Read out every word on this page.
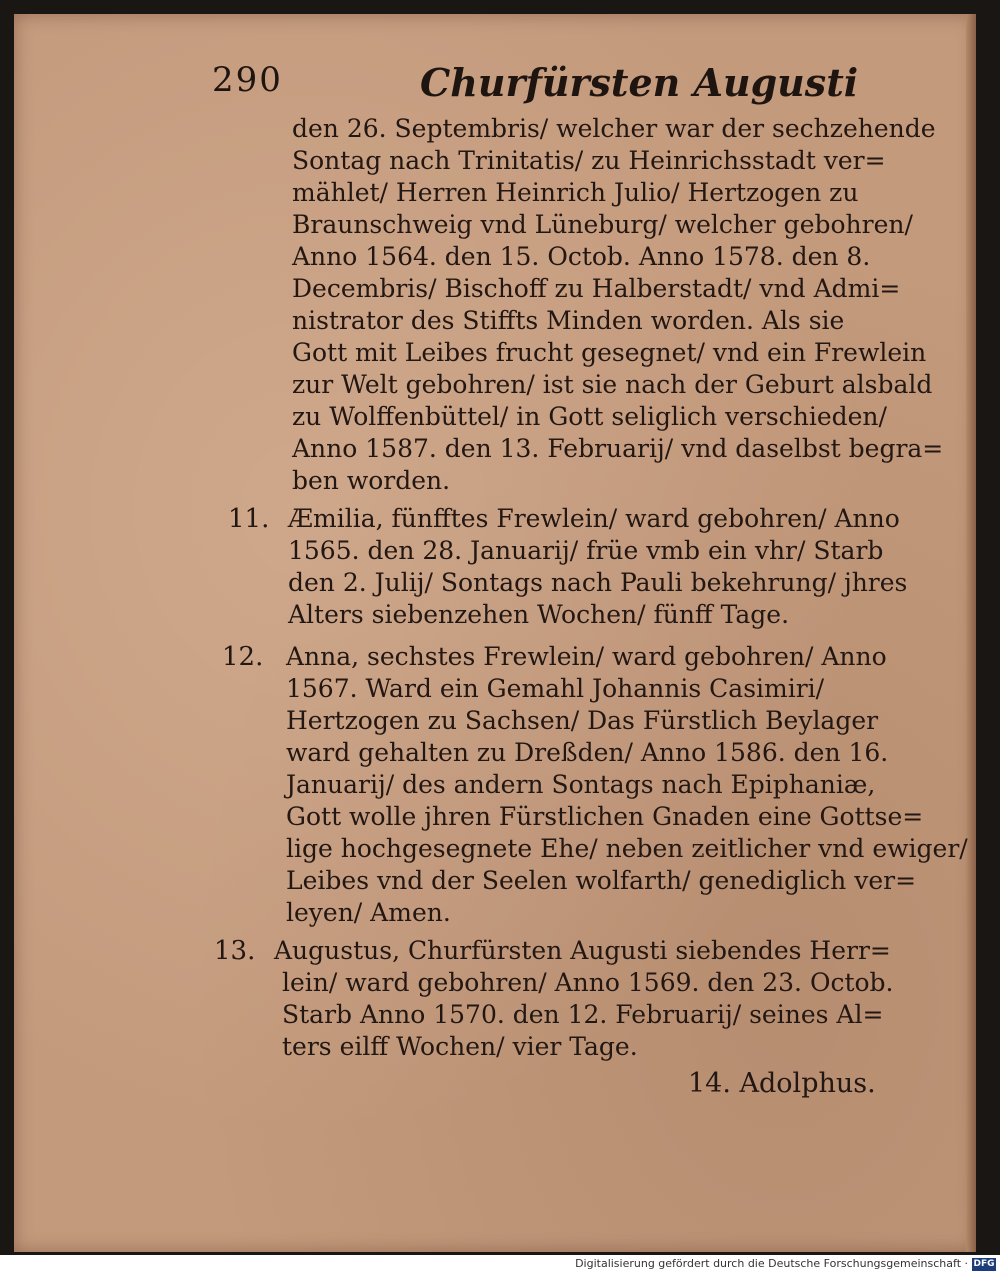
290	Churfürsten Augusti
den 26. Septembris/ welcher war der sechzehende
Sontag nach Trinitatis/ zu Heinrichsstadt ver=
mählet/ Herren Heinrich Julio/ Hertzogen zu
Braunschweig vnd Lüneburg/ welcher gebohren/
Anno 1564. den 15. Octob. Anno 1578. den 8.
Decembris/ Bischoff zu Halberstadt/ vnd Admi=
nistrator des Stiffts Minden worden. Als sie
Gott mit Leibes frucht gesegnet/ vnd ein Frewlein
zur Welt gebohren/ ist sie nach der Geburt alsbald
zu Wolffenbüttel/ in Gott seliglich verschieden/
Anno 1587. den 13. Februarij/ vnd daselbst begra=
ben worden.
11. Æmilia, fünfftes Frewlein/ ward gebohren/ Anno
1565. den 28. Januarij/ früe vmb ein vhr/ Starb
den 2. Julij/ Sontags nach Pauli bekehrung/ jhres
Alters siebenzehen Wochen/ fünff Tage.
12. Anna, sechstes Frewlein/ ward gebohren/ Anno
1567. Ward ein Gemahl Johannis Casimiri/
Hertzogen zu Sachsen/ Das Fürstlich Beylager
ward gehalten zu Dreßden/ Anno 1586. den 16.
Januarij/ des andern Sontags nach Epiphaniæ,
Gott wolle jhren Fürstlichen Gnaden eine Gottse=
lige hochgesegnete Ehe/ neben zeitlicher vnd ewiger/
Leibes vnd der Seelen wolfarth/ genediglich ver=
leyen/ Amen.
13. Augustus, Churfürsten Augusti siebendes Herr=
lein/ ward gebohren/ Anno 1569. den 23. Octob.
Starb Anno 1570. den 12. Februarij/ seines Al=
ters eilff Wochen/ vier Tage.
14. Adolphus.
Digitalisierung gefördert durch die Deutsche Forschungsgemeinschaft · DFG
